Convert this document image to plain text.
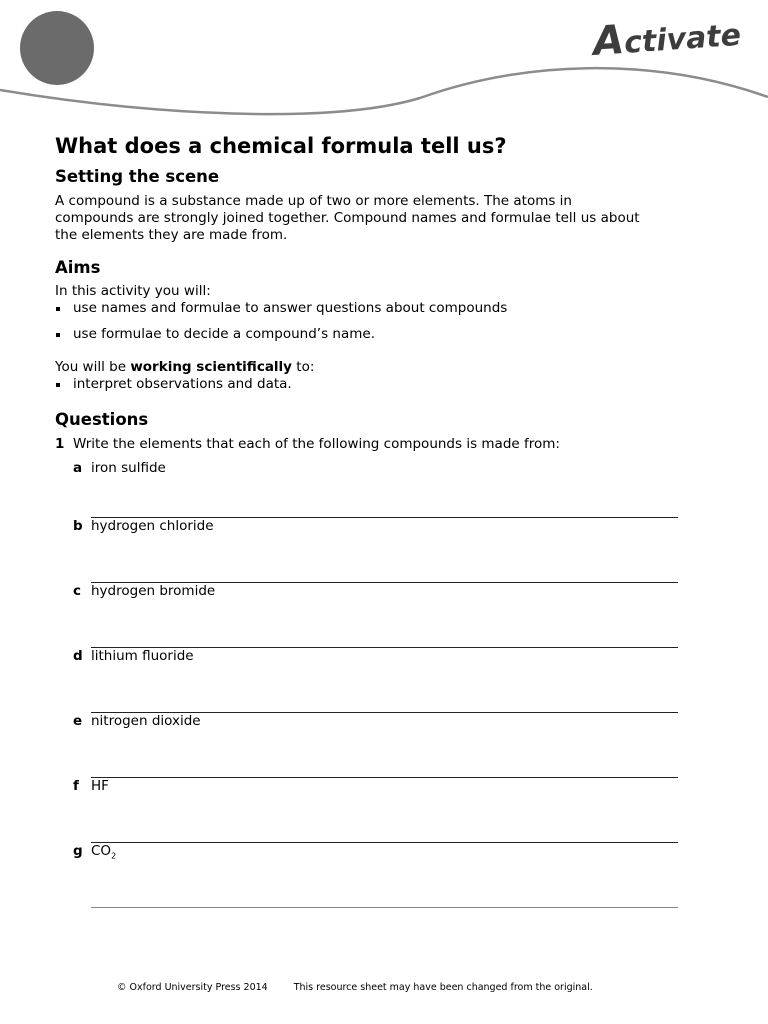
Activate
What does a chemical formula tell us?
Setting the scene

A compound is a substance made up of two or more elements. The atoms in compounds are strongly joined together. Compound names and formulae tell us about the elements they are made from.

Aims

In this activity you will:

use names and formulae to answer questions about compounds
use formulae to decide a compound’s name.

You will be working scientifically to:

interpret observations and data.
Questions
1 Write the elements that each of the following compounds is made from:
a iron sulfide
b hydrogen chloride
c hydrogen bromide
d lithium fluoride
e nitrogen dioxide
f HF
g $CO_2$
© Oxford University Press 2014	This resource sheet may have been changed from the original.
